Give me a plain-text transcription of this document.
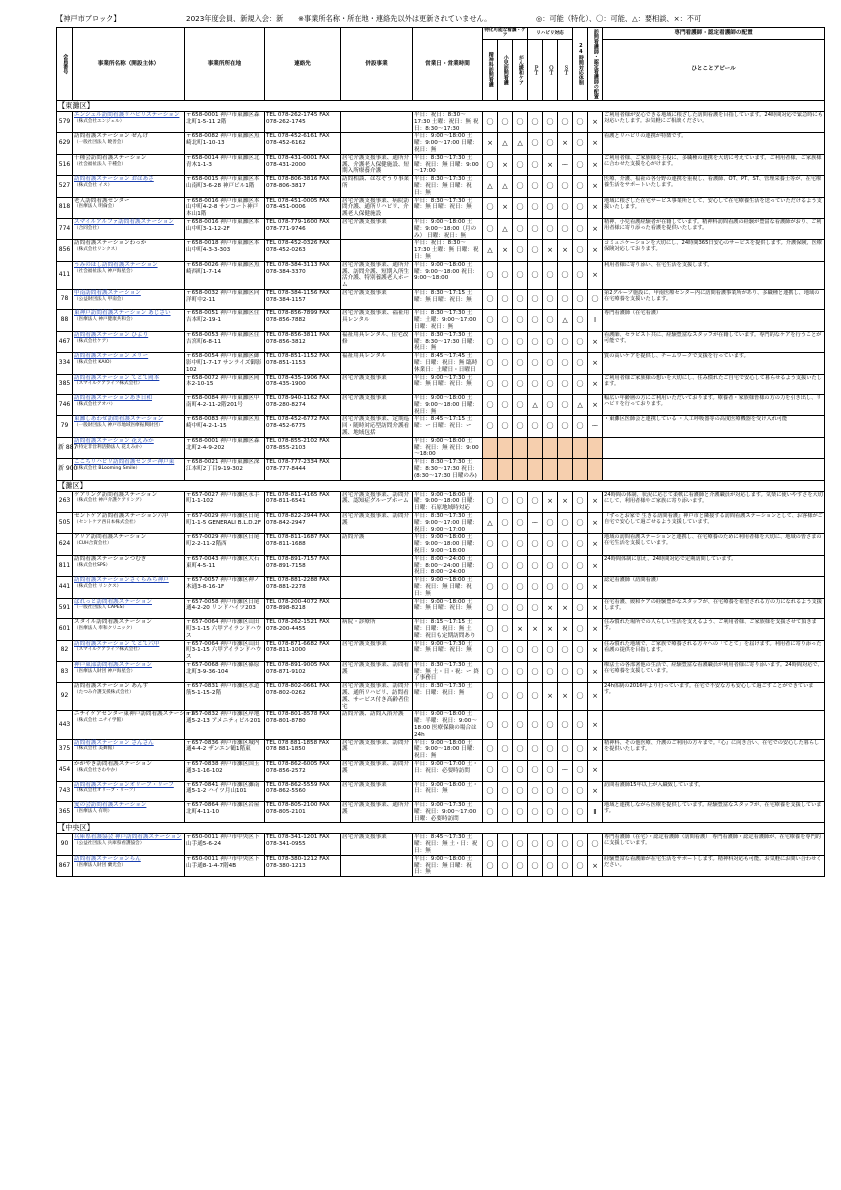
【神戸市ブロック】	2023年度会員、新規入会：新 ※事業所名称・所在地・連絡先以外は更新されていません。	◎：可能（特化）、〇：可能、△：要相談、×：不可
会員番号	事業所名称（開設主体）	事業所所在地	連絡先	併設事業	営業日・営業時間	特化可能な看護・ケア			リハビリ対応			24時間対応体制	訪問看護師・認定看護師の配置	専門看護師・認定看護師の配置
						精神科訪問看護	小児訪問看護	がん緩和ケア	ＰＴ	ＯＴ	ＳＴ			ひとことアピール
【東灘区】														
579	エンジェル訪問看護リハビリステーション
（株式会社エンジェル）	〒658-0001 神戸市東灘区森北町1-5-11 2階	TEL 078-262-1745 FAX 078-262-1745		平日：祝日：8:30～17:30 土曜：祝日：無 祝日：8:30～17:30	〇	〇	〇	〇	〇	〇	〇	×	ご利用者様が安心できる地域に根ざした訪問看護を目指しています。24時間対応で緊急時にも対応いたします。お気軽にご相談ください。
629	訪問看護ステーション ぜんけ
（一般社団法人 暁善会）	〒658-0082 神戸市東灘区魚崎北町1-10-13	TEL 078-452-6161 FAX 078-452-6162		平日：9:00～18:00 土曜：9:00～17:00 日曜：祝日：無	×	△	△	〇	〇	×	〇	×	看護とリハビリの連携が特徴です。
516	千種会訪問看護ステーション
（社会福祉法人 千種会）	〒658-0014 神戸市東灘区北青木1-1-3	TEL 078-431-0001 FAX 078-431-2000	居宅介護支援事業、通所介護、介護老人保健施設、短期入所療養介護	平日：8:30～17:30 土曜：祝日：無 日曜：9:00～17:00	〇	×	〇	〇	×	ー	〇	×	ご利用者様、ご家族様を主役に、多職種の連携を大切に考えています。ご利用者様、ご家族様に合わせた支援を心がけます。
527	訪問看護ステーション おはあさ
（株式会社 イス）	〒658-0015 神戸市東灘区本山南町3-6-28 神戸ビル1階	TEL 078-806-3816 FAX 078-806-3817	訪問相談、はなぞうり事業所	平日：8:30～17:30 土曜：祝日：無 日曜：祝日：無	△	△	〇	〇	〇	〇	〇	×	医療、介護、福祉の各分野の連携を重視し、看護師、OT、PT、ST、管理栄養士等が、在宅療養生活をサポートいたします。
818	老人訪問看護センター
（医療法人 明倫会）	〒658-0016 神戸市東灘区本山中町4-2-8 サンコート神戸本山1階	TEL 078-451-0005 FAX 078-451-0006	居宅介護支援事業、病院訪問介護、通所リハビリ、介護老人保健施設	平日：8:30～17:30 土曜：無 日曜：祝日：無	〇	×	〇	〇	〇	〇	〇	×	地域に根ざした在宅サービス事業所として、安心して在宅療養生活を送っていただけるよう支援いたします。
774	スマイルアルファ訪問看護ステーション
（合同会社）	〒658-0016 神戸市東灘区本山中町3-1-12-2F	TEL 078-779-1600 FAX 078-771-9746	居宅介護支援事業	平日：9:00～18:00 土曜：9:00～18:00（月のみ） 日曜：祝日：無	〇	△	〇	〇	〇	〇	〇	×	精神、小児看護経験者が在籍しています。精神科訪問看護の経験が豊富な看護師がおり、ご利用者様に寄り添った看護を提供いたします。
856	訪問看護ステーションわっか
（株式会社リンクス）	〒658-0018 神戸市東灘区本山中町4-3-3-303	TEL 078-452-0326 FAX 078-452-0263		平日：祝日：8:30～17:30 土曜：無 日曜：祝日：無	△	×	〇	〇	×	×	〇	×	コミュニケーションを大切にし、24時間365日安心のサービスを提供します。介護保険、医療保険対応しております。
411	うみのほし訪問看護ステーション
（社会福祉法人 神戸海星会）	〒658-0026 神戸市東灘区魚崎西町1-7-14	TEL 078-384-3113 FAX 078-384-3370	居宅介護支援事業、通所介護、訪問介護、短期入所生活介護、特別養護老人ホーム	平日：9:00～18:00 土曜：9:00～18:00 祝日：9:00～18:00	〇	〇	〇	〇	〇	〇	〇	×	利用者様に寄り添い、在宅生活を支援します。
78	甲南訪問看護ステーション
（公益財団法人 甲南会）	〒658-0032 神戸市東灘区向洋町中2-11	TEL 078-384-1156 FAX 078-384-1157	居宅介護支援事業	平日：8:30～17:15 土曜：無 日曜：祝日：無	〇	〇	〇	〇	〇	〇	〇	〇	第2グループ施設に、甲南医療センター内に訪問看護事業所があり、多職種と連携し、地域の在宅療養を支援いたします。
88	東神戸訪問看護ステーション あじさい
（医療法人 神戸健康共和会）	〒658-0051 神戸市東灘区住吉本町2-19-1	TEL 078-856-7899 FAX 078-856-7882	居宅介護支援事業、福祉用具レンタル	平日：8:30～17:30 土曜：土曜：9:00～17:00 日曜：祝日：無	〇	〇	〇	〇	〇	△	〇	I	専門看護師（在宅看護）
467	訪問看護ステーション ひより
（株式会社ケア）	〒658-0053 神戸市東灘区住吉宮町6-8-11	TEL 078-856-3811 FAX 078-856-3812	福祉用具レンタル、住宅改修	平日：8:30～17:30 土曜：8:30～17:30 日曜：祝日：無	〇	〇	〇	〇	〇	〇	〇	×	看護師、セラピスト共に、経験豊富なスタッフが在籍しています。専門的なケアを行うことが可能です。
334	訪問看護ステーション メリー
（株式会社 KAIO）	〒658-0054 神戸市東灘区御影中町1-7-17 サンライズ御影102	TEL 078-851-1152 FAX 078-851-1153	福祉用具レンタル	平日：8:45～17:45 土曜：日曜：祝日：無 臨時休業日：土曜日・日曜日	〇	〇	〇	〇	〇	〇	〇	×	質の高いケアを提供し、チームワークで支援を行っています。
385	訪問看護ステーション てとて岡本
（スマイルケアライフ株式会社）	〒658-0072 神戸市東灘区岡本2-10-15	TEL 078-435-1906 FAX 078-435-1900	居宅介護支援事業	平日：9:00～17:30 土曜：無 日曜：祝日：無	〇	〇	〇	〇	〇	〇	〇	×	ご利用者様ご家族様の想いを大切にし、住み慣れたご自宅で安心して暮らせるよう支援いたします。
746	訪問看護ステーションあき日和
（株式会社アオバ）	〒658-0084 神戸市東灘区甲南町4-2-11-2階201号	TEL 078-940-1162 FAX 078-280-8274	居宅介護支援事業	平日：9:00～18:00 土曜：9:00～18:00 日曜：祝日：無	〇	〇	〇	△	〇	〇	△	×	幅広い年齢層の方にご利用いただいております。療養者・家族様皆様の方の力を引き出し、リハビリを行っております。
79	東灘しあわせ訪問看護ステーション
（一般財団法人 神戸市地域医療振興財団）	〒658-0083 神戸市東灘区魚崎中町4-2-1-15	TEL 078-452-6772 FAX 078-452-6775	居宅介護支援事業、定期巡回・随時対応型訪問介護看護、地域包括	平日：8:45～17:15 土曜：ー 日曜：祝日：ー	〇	〇	〇	〇	〇	〇	〇	ー	・東灘区医師会と連携している ・人工呼吸器等の高度医療機器を受け入れ可能
新 887	訪問看護ステーション 花えみか
（特定非営利活動法人 花えみか）	〒658-0001 神戸市東灘区森北町2-4-9-202	TEL 078-855-2102 FAX 078-855-2103		平日：9:00～18:00 土曜：祝日：無 祝日：9:00～18:00									
新 900	ここちリハビリ訪問看護センター神戸東
（株式会社 BLooming Smile）	〒658-0021 神戸市東灘区深江本町2丁目9-19-302	TEL 078-777-2334 FAX 078-777-8444		平日：8:30～17:30 土曜：8:30～17:30 祝日：(8:30～17:30 日曜のみ)									
【灘区】														
263	ケアリング訪問看護ステーション
（株式会社 神戸介護ケアリング）	〒657-0027 神戸市灘区永手町1-1-102	TEL 078-811-4165 FAX 078-811-6541	居宅介護支援事業、訪問介護、認知症グループホーム	平日：9:00～18:00 土曜：9:00～18:00 日曜：日曜：石原地域時対応	〇	〇	〇	〇	×	×	〇	×	24時間の体制、状況に応じて柔軟に看護師と介護職員が対応します。気楽に使いやすさを大切にして、利用者様やご家族に寄り添います。
505	セントケア訪問看護ステーション六甲
（セントケア西日本株式会社）	〒657-0029 神戸市灘区日尾町1-1-5 GENERALI B.L.D.2F	TEL 078-822-2944 FAX 078-842-2947	居宅介護支援事業、訪問介護	平日：8:30～17:30 土曜：9:00～17:00 日曜：祝日：9:00～17:00	△	〇	〇	ー	〇	〇	〇	×	『ずっとお家で 生きる訪問看護』神戸市と隣接する訪問看護ステーションとして、お客様がご自宅で安心して過ごせるよう支援しています。
624	アリア訪問看護ステーション
（CUH合資会社）	〒657-0029 神戸市灘区日尾町2-2-11-2階西	TEL 078-811-1687 FAX 078-811-1688	訪問介護	平日：9:00～18:00 土曜：9:00～18:00 日曜：祝日：9:00～18:00	〇	〇	〇	〇	〇	〇	〇	×	地域の訪問看護ステーションと連携し、在宅療養のために利用者様を大切に、地域の皆さまの在宅生活を支援しています。
811	訪問看護ステーションつむぎ
（株式会社SPS）	〒657-0043 神戸市灘区大石東町4-5-11	TEL 078-891-7157 FAX 078-891-7158		平日：8:00～24:00 土曜：8:00～24:00 日曜：祝日：8:00～24:00	〇	〇	〇	〇	〇	〇	〇	×	24時間体制に加え、24時間対応で定期訪問しています。
441	訪問看護ステーションさくらみち神戸
（株式会社 リンクス）	〒657-0057 神戸市灘区神ノ木通3-8-16-1F	TEL 078-881-2288 FAX 078-881-2278		平日：9:00～18:00 土曜：祝日：無 日曜：祝日：無	〇	〇	〇	〇	〇	〇	〇	×	認定看護師（訪問看護）
591	ぱれっと訪問看護ステーション
（一般社団法人 CAPES）	〒657-0058 神戸市灘区日尾通4-2-20 リンドハイツ203	TEL 078-200-4072 FAX 078-898-8218		平日：9:00～18:00 土曜：無 日曜：祝日：無	〇	〇	〇	〇	×	×	〇	×	在宅看護、緩和ケアの経験豊かなスタッフが、在宅療養を希望される方の力になれるよう支援します。
601	スタイル訪問看護ステーション
（医療法人 奉和クリニック）	〒657-0064 神戸市灘区山田町3-1-15 六甲アイランドハウス	TEL 078-262-1521 FAX 078-200-4455	病院・診療所	平日：8:15～17:15 土曜：日曜：祝日：無 土曜：祝日も定期訪問あり	〇	〇	×	×	×	×	〇	×	住み慣れた場所での人らしい生活を支えるよう、ご利用者様、ご家族様を支援させて頂きます。
82	訪問看護ステーション てとて六甲
（スマイルケアライフ株式会社）	〒657-0064 神戸市灘区山田町3-1-15 六甲アイランドハウス	TEL 078-871-6682 FAX 078-811-1000	居宅介護支援事業	平日：9:00～17:30 土曜：無 日曜：祝日：無	〇	〇	〇	〇	〇	〇	〇	×	住み慣れた地域で、ご家族で療養される方々への「てとて」を届けます。利用者に寄り添った看護の提供を目指します。
83	神戸東部訪問看護ステーション
（医療法人財団 神戸海星会）	〒657-0068 神戸市灘区篠原北町3-9-36-104	TEL 078-891-9005 FAX 078-871-9102	居宅介護支援事業、訪問看護	平日：8:30～17:30 土曜：無 土・日・祝：ー 終了事務日	〇	〇	〇	〇	〇	〇	〇	×	療法士の各部署他の生活で、経験豊富な看護職員が利用者様に寄り添います。24時間対応で、在宅療養を支援しています。
92	訪問看護ステーション あんず
（たつみ介護支援株式会社）	〒657-0831 神戸市灘区水道筋5-1-15-2階	TEL 078-802-0661 FAX 078-802-0262	居宅介護支援事業、訪問介護、通所リハビリ、訪問看護、サービス付き高齢者住宅	平日：8:30～17:30 土曜：日曜：祝日：無	〇	〇	〇	〇	×	×	〇	×	24h体制の2016年より行っています。在宅で不安な方も安心して過ごすことができています。
443	ニチイケアセンター東神戸訪問看護ステーション
（株式会社 ニチイ学館）	〒657-0832 神戸市灘区岸地通5-2-13 アメニティビル201	TEL 078-801-8578 FAX 078-801-8780	訪問介護、訪問入浴介護	平日：9:00～18:00 土曜：半曜：祝日：9:00～18:00 医療保険の場合は24h	〇	〇	〇	〇	〇	〇	〇	×	
375	訪問看護ステーション さんさん
（株式会社 美舞館）	〒657-0836 神戸市灘区城内通4-4-2 ザンエン鶴1階東	TEL 078 881-1858 FAX 078 881-1850	居宅介護支援事業、訪問介護	平日：9:00～18:00 土曜：9:00～18:00 日曜：祝日：無	〇	〇	〇	〇	〇	〇	〇	×	精神科、その他医療、介護のご利用の方々まで。『心』に向き合い、在宅での安心した暮らしを提供いたします。
454	かがやき訪問看護ステーション
（株式会社さわやか）	〒657-0838 神戸市灘区国玉通3-1-16-102	TEL 078-862-6005 FAX 078-856-2572	居宅介護支援事業、訪問介護	平日：9:00～17:00 土・日：祝日：必要時訪問	〇	〇	〇	〇	〇	ー	〇	×	
743	訪問看護ステーションオリーブ・リーフ
（株式会社オリーブ・リーフ）	〒657-0841 神戸市灘区灘南通5-1-2 ハイツ月山101	TEL 078-862-5559 FAX 078-862-5560	居宅介護支援事業	平日：9:00～18:00 土・日：祝日：無	〇	〇	〇	〇	〇	〇	〇	×	訪問看護師15年以上が入職致しています。
365	愛の会訪問看護ステーション
（医療法人 有明）	〒657-0864 神戸市灘区岩屋北町4-11-10	TEL 078-805-2100 FAX 078-805-2101	居宅介護支援事業、通所介護	平日：9:00～17:30 土曜：祝日：9:00～17:00 日曜：必要時訪問	〇	〇	〇	〇	〇	〇	〇	Ⅱ	地域と連携しながら医療を提供しています。経験豊富なスタッフが、在宅療養を支援しています。
【中央区】														
90	兵庫県看護協会 神戸訪問看護ステーション
（公益社団法人 兵庫県看護協会）	〒650-0011 神戸市中央区下山手通5-6-24	TEL 078-341-1201 FAX 078-341-0955	居宅介護支援事業	平日：8:45～17:30 土曜：祝日：無 土・日：祝日：無	〇	〇	〇	〇	〇	〇	〇	〇	専門看護師（在宅）・認定看護師（訪問看護） 専門看護師・認定看護師が、在宅療養を専門的に支援しています。
867	訪問看護ステーションらん
（医療法人財団 蘭光会）	〒650-0011 神戸市中央区下山手通8-1-4-7階4B	TEL 078-380-1212 FAX 078-380-1213		平日：9:00～18:00 土曜：祝日：無 日曜：祝日：無	〇	〇	〇	〇	〇	〇	〇	×	経験豊富な看護師が在宅生活をサポートします。精神科対応も可能。お気軽にお問い合わせください。
